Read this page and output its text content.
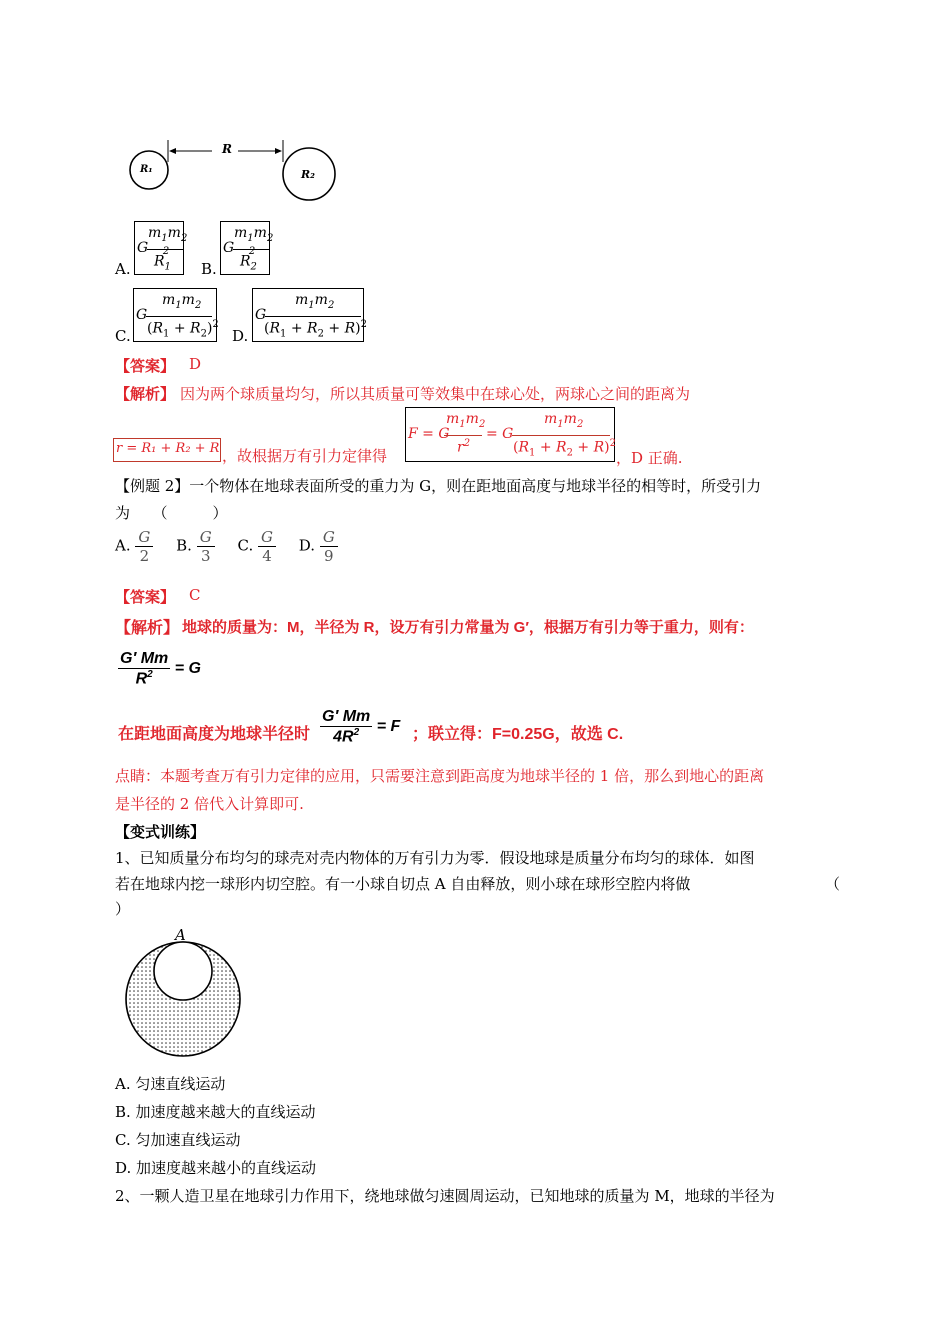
R
R₁	R₂
A.
G
$m_1m_2$
$R_1^2$
B.
G
$m_1m_2$
$R_2^2$
C.
G
$m_1m_2$
$(R_1 + R_2)^2$
D.
G
$m_1m_2$
$(R_1 + R_2 + R)^2$
【答案】 D
【解析】 因为两个球质量均匀，所以其质量可等效集中在球心处，两球心之间的距离为
r = R₁ + R₂ + R ，故根据万有引力定律得
F = G
$m_1m_2$
$r^2$
= G
$m_1m_2$
$(R_1 + R_2 + R)^2$
，D 正确.
【例题 2】一个物体在地球表面所受的重力为 G，则在距地面高度与地球半径的相等时，所受引力
为　　（　　　）
A. $\frac{G}{2} B$. $\frac{G}{3} C$. $\frac{G}{4} D$. $\frac{G}{9}$
【答案】 C
【解析】 地球的质量为：M，半径为 R，设万有引力常量为 G′，根据万有引力等于重力，则有：
$\frac{G' Mm}{R^2} = G$
在距地面高度为地球半径时 $\frac{G' Mm}{4R^2} = F$ ；联立得：F=0.25G，故选 C.
点睛：本题考查万有引力定律的应用，只需要注意到距高度为地球半径的 1 倍，那么到地心的距离
是半径的 2 倍代入计算即可.
【变式训练】
1、已知质量分布均匀的球壳对壳内物体的万有引力为零．假设地球是质量分布均匀的球体．如图
若在地球内挖一球形内切空腔。有一小球自切点 A 自由释放，则小球在球形空腔内将做	（
）
A
A. 匀速直线运动
B. 加速度越来越大的直线运动
C. 匀加速直线运动
D. 加速度越来越小的直线运动
2、一颗人造卫星在地球引力作用下，绕地球做匀速圆周运动，已知地球的质量为 M，地球的半径为
